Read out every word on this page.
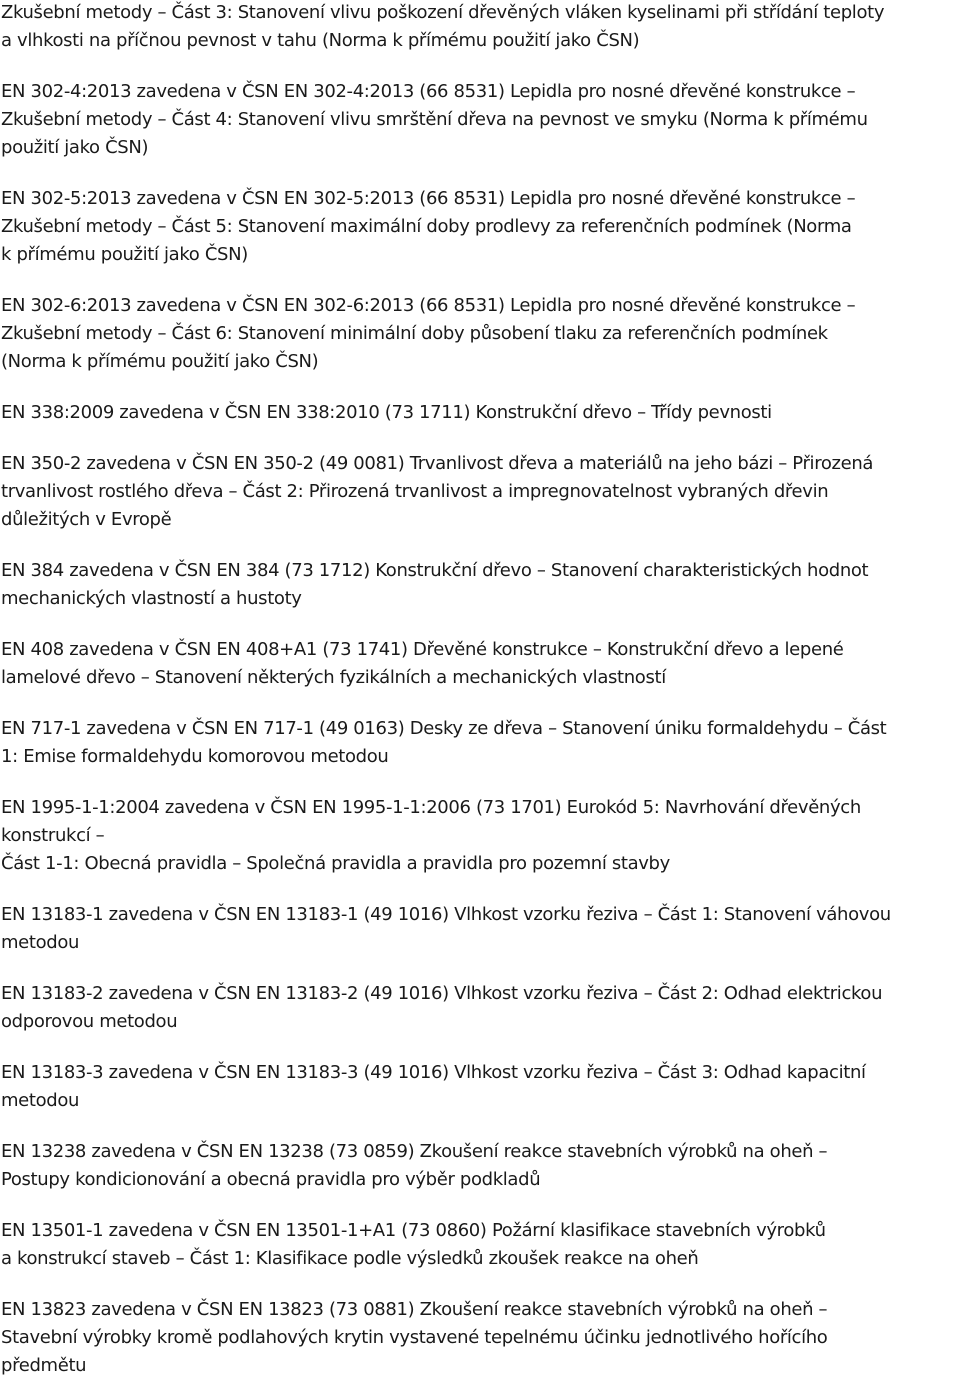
Zkušební metody – Část 3: Stanovení vlivu poškození dřevěných vláken kyselinami při střídání teploty
a vlhkosti na příčnou pevnost v tahu (Norma k přímému použití jako ČSN)
EN 302-4:2013 zavedena v ČSN EN 302-4:2013 (66 8531) Lepidla pro nosné dřevěné konstrukce –
Zkušební metody – Část 4: Stanovení vlivu smrštění dřeva na pevnost ve smyku (Norma k přímému
použití jako ČSN)
EN 302-5:2013 zavedena v ČSN EN 302-5:2013 (66 8531) Lepidla pro nosné dřevěné konstrukce –
Zkušební metody – Část 5: Stanovení maximální doby prodlevy za referenčních podmínek (Norma
k přímému použití jako ČSN)
EN 302-6:2013 zavedena v ČSN EN 302-6:2013 (66 8531) Lepidla pro nosné dřevěné konstrukce –
Zkušební metody – Část 6: Stanovení minimální doby působení tlaku za referenčních podmínek
(Norma k přímému použití jako ČSN)
EN 338:2009 zavedena v ČSN EN 338:2010 (73 1711) Konstrukční dřevo – Třídy pevnosti
EN 350-2 zavedena v ČSN EN 350-2 (49 0081) Trvanlivost dřeva a materiálů na jeho bázi – Přirozená
trvanlivost rostlého dřeva – Část 2: Přirozená trvanlivost a impregnovatelnost vybraných dřevin
důležitých v Evropě
EN 384 zavedena v ČSN EN 384 (73 1712) Konstrukční dřevo – Stanovení charakteristických hodnot
mechanických vlastností a hustoty
EN 408 zavedena v ČSN EN 408+A1 (73 1741) Dřevěné konstrukce – Konstrukční dřevo a lepené
lamelové dřevo – Stanovení některých fyzikálních a mechanických vlastností
EN 717-1 zavedena v ČSN EN 717-1 (49 0163) Desky ze dřeva – Stanovení úniku formaldehydu – Část
1: Emise formaldehydu komorovou metodou
EN 1995-1-1:2004 zavedena v ČSN EN 1995-1-1:2006 (73 1701) Eurokód 5: Navrhování dřevěných
konstrukcí –
Část 1-1: Obecná pravidla – Společná pravidla a pravidla pro pozemní stavby
EN 13183-1 zavedena v ČSN EN 13183-1 (49 1016) Vlhkost vzorku řeziva – Část 1: Stanovení váhovou
metodou
EN 13183-2 zavedena v ČSN EN 13183-2 (49 1016) Vlhkost vzorku řeziva – Část 2: Odhad elektrickou
odporovou metodou
EN 13183-3 zavedena v ČSN EN 13183-3 (49 1016) Vlhkost vzorku řeziva – Část 3: Odhad kapacitní
metodou
EN 13238 zavedena v ČSN EN 13238 (73 0859) Zkoušení reakce stavebních výrobků na oheň –
Postupy kondicionování a obecná pravidla pro výběr podkladů
EN 13501-1 zavedena v ČSN EN 13501-1+A1 (73 0860) Požární klasifikace stavebních výrobků
a konstrukcí staveb – Část 1: Klasifikace podle výsledků zkoušek reakce na oheň
EN 13823 zavedena v ČSN EN 13823 (73 0881) Zkoušení reakce stavebních výrobků na oheň –
Stavební výrobky kromě podlahových krytin vystavené tepelnému účinku jednotlivého hořícího
předmětu
